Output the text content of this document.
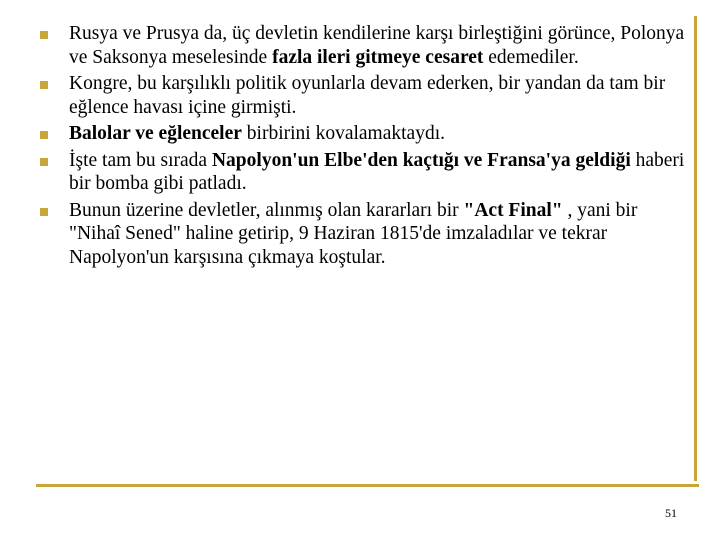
Rusya ve Prusya da, üç devletin kendilerine karşı birleştiğini görünce, Polonya ve Saksonya meselesinde fazla ileri gitmeye cesaret edemediler.
Kongre, bu karşılıklı politik oyunlarla devam ederken, bir yandan da tam bir eğlence havası içine girmişti.
Balolar ve eğlenceler birbirini kovalamaktaydı.
İşte tam bu sırada Napolyon'un Elbe'den kaçtığı ve Fransa'ya geldiği haberi bir bomba gibi patladı.
Bunun üzerine devletler, alınmış olan kararları bir "Act Final" , yani bir "Nihaî Sened" haline getirip, 9 Haziran 1815'de imzaladılar ve tekrar Napolyon'un karşısına çıkmaya koştular.
51
